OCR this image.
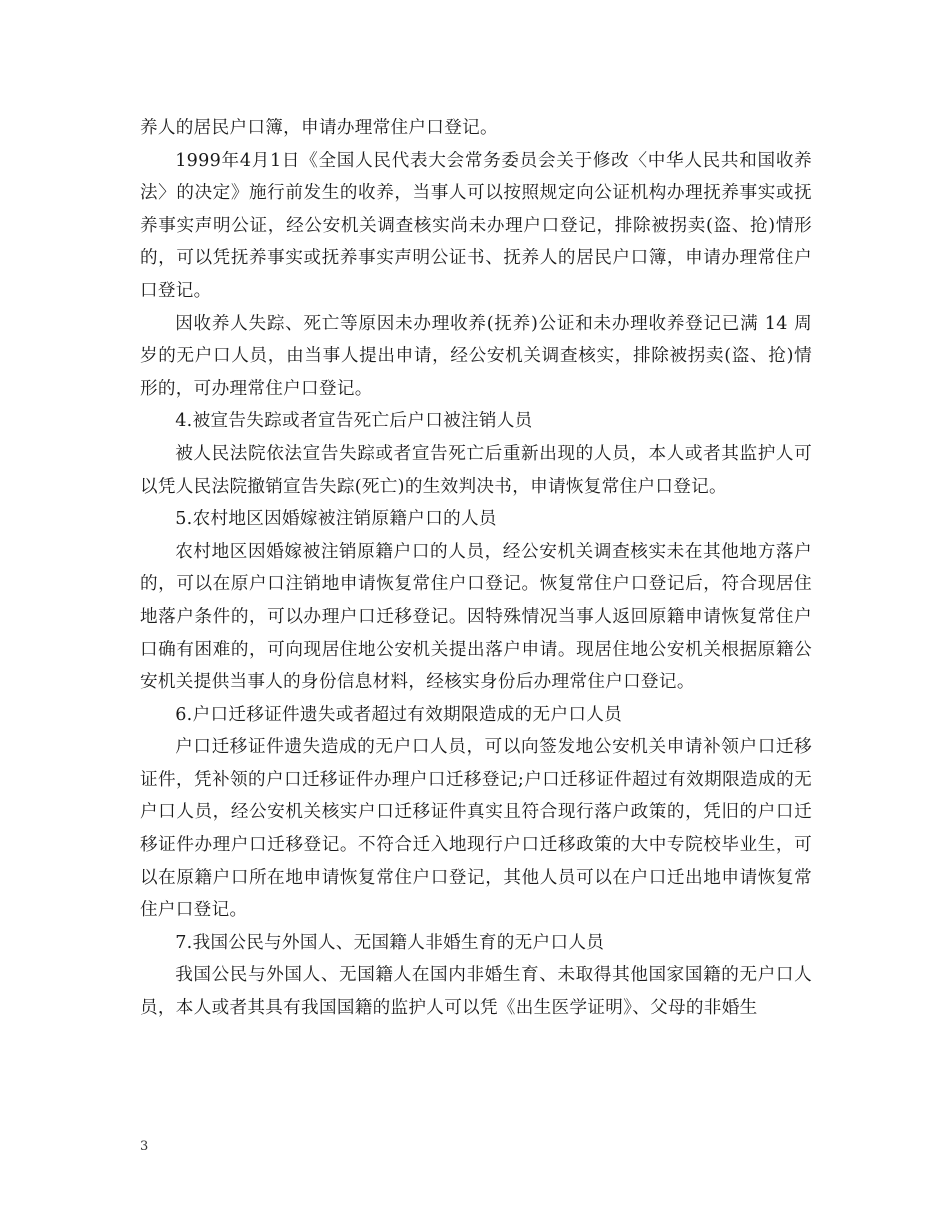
养人的居民户口簿，申请办理常住户口登记。

1999年4月1日《全国人民代表大会常务委员会关于修改〈中华人民共和国收养法〉的决定》施行前发生的收养，当事人可以按照规定向公证机构办理抚养事实或抚养事实声明公证，经公安机关调查核实尚未办理户口登记，排除被拐卖(盗、抢)情形的，可以凭抚养事实或抚养事实声明公证书、抚养人的居民户口簿，申请办理常住户口登记。

因收养人失踪、死亡等原因未办理收养(抚养)公证和未办理收养登记已满 14 周岁的无户口人员，由当事人提出申请，经公安机关调查核实，排除被拐卖(盗、抢)情形的，可办理常住户口登记。

4.被宣告失踪或者宣告死亡后户口被注销人员

被人民法院依法宣告失踪或者宣告死亡后重新出现的人员，本人或者其监护人可以凭人民法院撤销宣告失踪(死亡)的生效判决书，申请恢复常住户口登记。

5.农村地区因婚嫁被注销原籍户口的人员

农村地区因婚嫁被注销原籍户口的人员，经公安机关调查核实未在其他地方落户的，可以在原户口注销地申请恢复常住户口登记。恢复常住户口登记后，符合现居住地落户条件的，可以办理户口迁移登记。因特殊情况当事人返回原籍申请恢复常住户口确有困难的，可向现居住地公安机关提出落户申请。现居住地公安机关根据原籍公安机关提供当事人的身份信息材料，经核实身份后办理常住户口登记。

6.户口迁移证件遗失或者超过有效期限造成的无户口人员

户口迁移证件遗失造成的无户口人员，可以向签发地公安机关申请补领户口迁移证件，凭补领的户口迁移证件办理户口迁移登记;户口迁移证件超过有效期限造成的无户口人员，经公安机关核实户口迁移证件真实且符合现行落户政策的，凭旧的户口迁移证件办理户口迁移登记。不符合迁入地现行户口迁移政策的大中专院校毕业生，可以在原籍户口所在地申请恢复常住户口登记，其他人员可以在户口迁出地申请恢复常住户口登记。

7.我国公民与外国人、无国籍人非婚生育的无户口人员

我国公民与外国人、无国籍人在国内非婚生育、未取得其他国家国籍的无户口人员，本人或者其具有我国国籍的监护人可以凭《出生医学证明》、父母的非婚生

3
